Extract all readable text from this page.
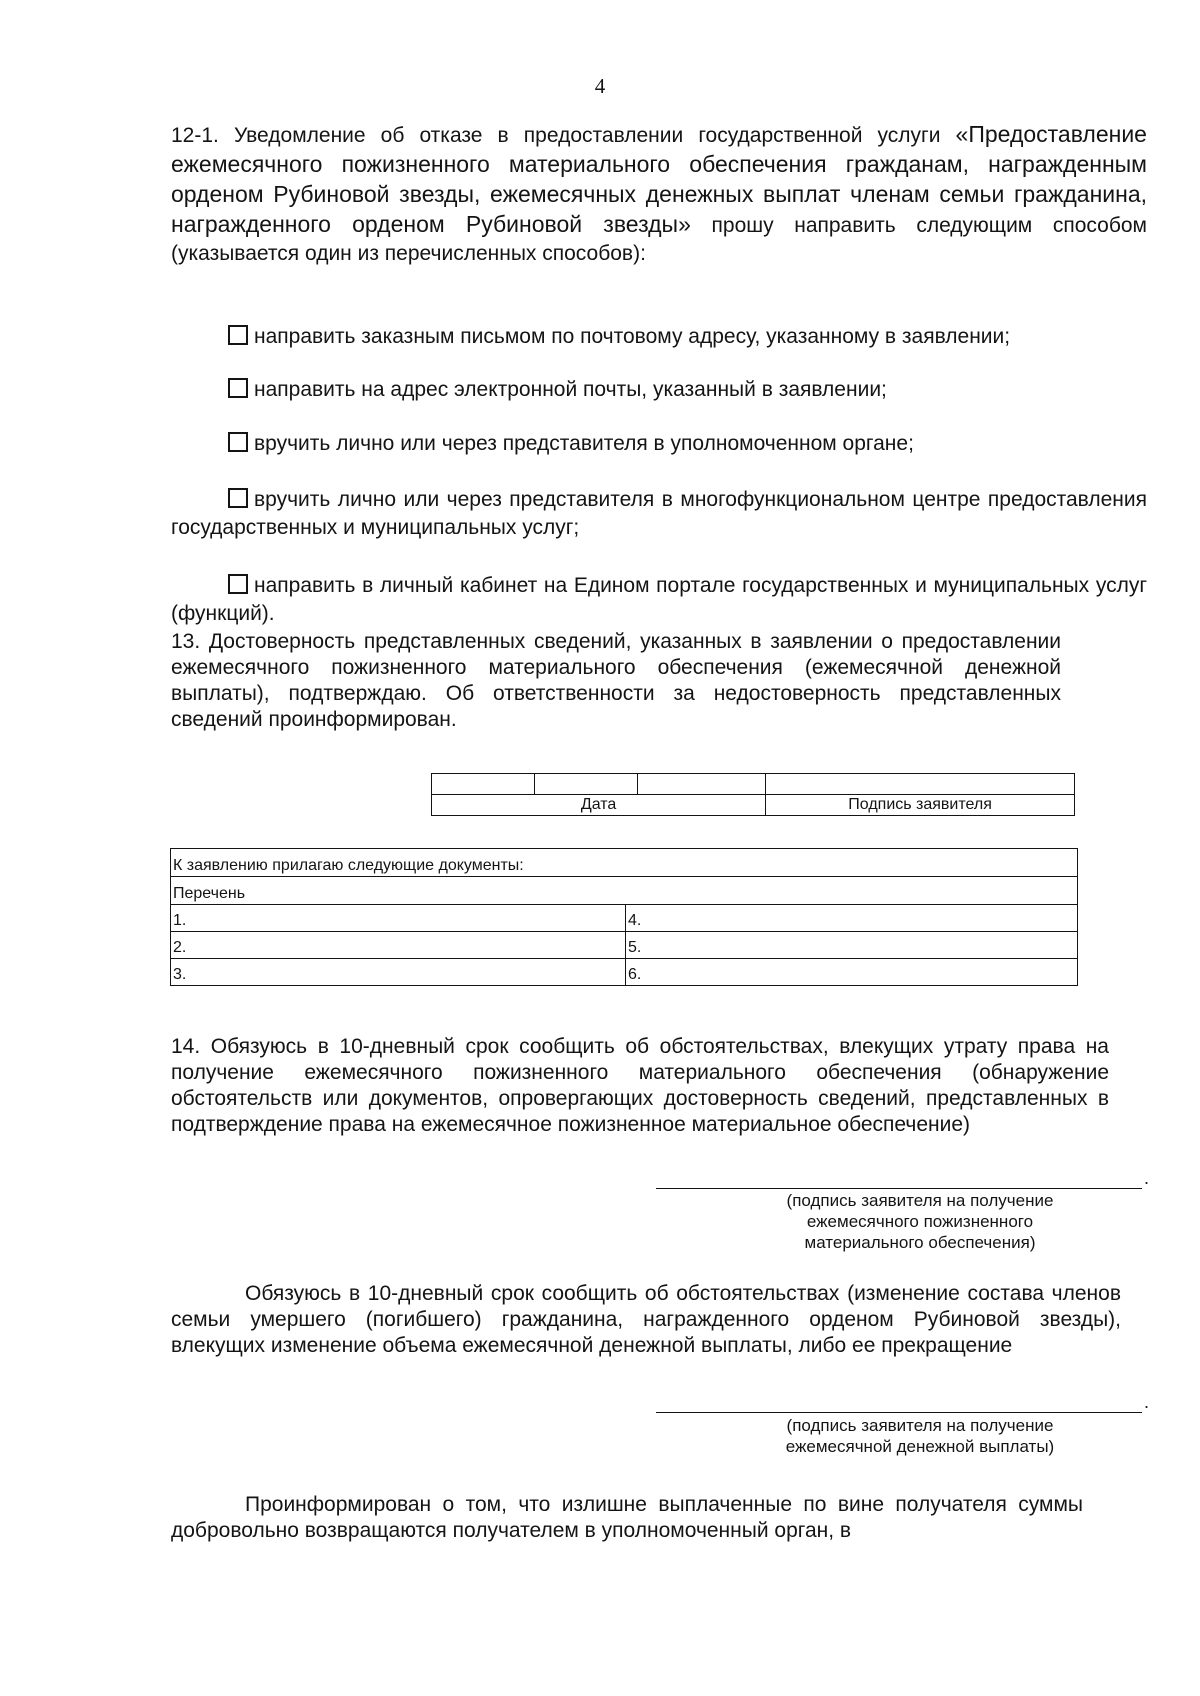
4
12-1. Уведомление об отказе в предоставлении государственной услуги «Предоставление ежемесячного пожизненного материального обеспечения гражданам, награжденным орденом Рубиновой звезды, ежемесячных денежных выплат членам семьи гражданина, награжденного орденом Рубиновой звезды» прошу направить следующим способом (указывается один из перечисленных способов):
направить заказным письмом по почтовому адресу, указанному в заявлении;
направить на адрес электронной почты, указанный в заявлении;
вручить лично или через представителя в уполномоченном органе;
вручить лично или через представителя в многофункциональном центре предоставления государственных и муниципальных услуг;
направить в личный кабинет на Едином портале государственных и муниципальных услуг (функций).
13. Достоверность представленных сведений, указанных в заявлении о предоставлении ежемесячного пожизненного материального обеспечения (ежемесячной денежной выплаты), подтверждаю. Об ответственности за недостоверность представленных сведений проинформирован.

Дата			Подпись заявителя
К заявлению прилагаю следующие документы:	
Перечень	
1.	4.
2.	5.
3.	6.
14. Обязуюсь в 10-дневный срок сообщить об обстоятельствах, влекущих утрату права на получение ежемесячного пожизненного материального обеспечения (обнаружение обстоятельств или документов, опровергающих достоверность сведений, представленных в подтверждение права на ежемесячное пожизненное материальное обеспечение)
.
(подпись заявителя на получение
ежемесячного пожизненного
материального обеспечения)
Обязуюсь в 10-дневный срок сообщить об обстоятельствах (изменение состава членов семьи умершего (погибшего) гражданина, награжденного орденом Рубиновой звезды), влекущих изменение объема ежемесячной денежной выплаты, либо ее прекращение
.
(подпись заявителя на получение
ежемесячной денежной выплаты)
Проинформирован о том, что излишне выплаченные по вине получателя суммы добровольно возвращаются получателем в уполномоченный орган, в
